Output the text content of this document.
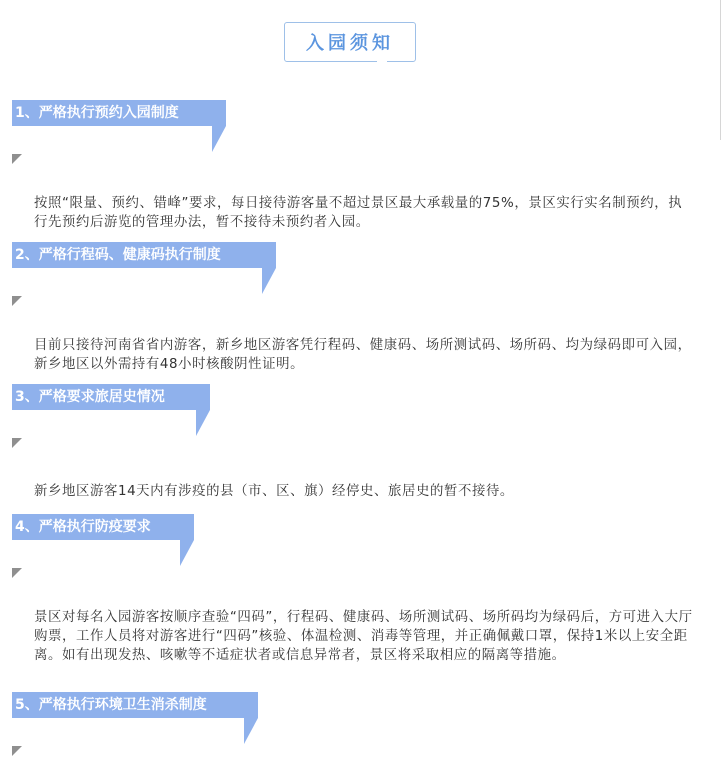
入园须知
1、严格执行预约入园制度

按照“限量、预约、错峰”要求，每日接待游客量不超过景区最大承载量的75%，景区实行实名制预约，执行先预约后游览的管理办法，暂不接待未预约者入园。

2、严格行程码、健康码执行制度

目前只接待河南省省内游客，新乡地区游客凭行程码、健康码、场所测试码、场所码、均为绿码即可入园，新乡地区以外需持有48小时核酸阴性证明。

3、严格要求旅居史情况

新乡地区游客14天内有涉疫的县（市、区、旗）经停史、旅居史的暂不接待。

4、严格执行防疫要求

景区对每名入园游客按顺序查验“四码”，行程码、健康码、场所测试码、场所码均为绿码后，方可进入大厅购票，工作人员将对游客进行“四码”核验、体温检测、消毒等管理，并正确佩戴口罩，保持1米以上安全距离。如有出现发热、咳嗽等不适症状者或信息异常者，景区将采取相应的隔离等措施。

5、严格执行环境卫生消杀制度
